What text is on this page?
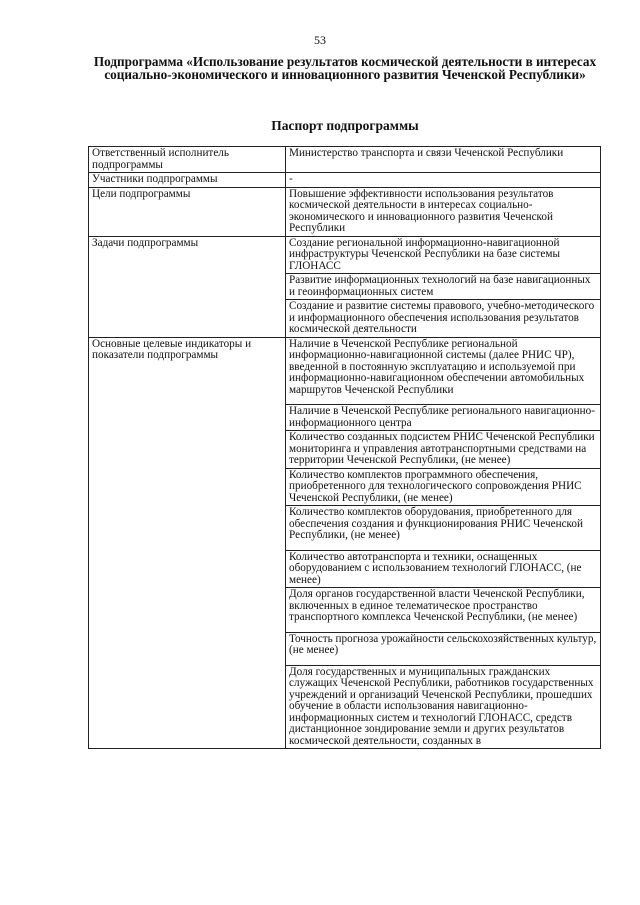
53
Подпрограмма «Использование результатов космической деятельности в интересах социально-экономического и инновационного развития Чеченской Республики»
Паспорт подпрограммы
Ответственный исполнитель подпрограммы	Министерство транспорта и связи Чеченской Республики

Участники подпрограммы	-

Цели подпрограммы	Повышение эффективности использования результатов космической деятельности в интересах социально-экономического и инновационного развития Чеченской Республики

Задачи подпрограммы	Создание региональной информационно-навигационной инфраструктуры Чеченской Республики на базе системы ГЛОНАСС

	Развитие информационных технологий на базе навигационных и геоинформационных систем

	Создание и развитие системы правового, учебно-методического и информационного обеспечения использования результатов космической деятельности

Основные целевые индикаторы и показатели подпрограммы	Наличие в Чеченской Республике региональной информационно-навигационной системы (далее РНИС ЧР), введенной в постоянную эксплуатацию и используемой при информационно-навигационном обеспечении автомобильных маршрутов Чеченской Республики

	Наличие в Чеченской Республике регионального навигационно-информационного центра

	Количество созданных подсистем РНИС Чеченской Республики мониторинга и управления автотранспортными средствами на территории Чеченской Республики, (не менее)

	Количество комплектов программного обеспечения, приобретенного для технологического сопровождения РНИС Чеченской Республики, (не менее)

	Количество комплектов оборудования, приобретенного для обеспечения создания и функционирования РНИС Чеченской Республики, (не менее)

	Количество автотранспорта и техники, оснащенных оборудованием с использованием технологий ГЛОНАСС, (не менее)

	Доля органов государственной власти Чеченской Республики, включенных в единое телематическое пространство транспортного комплекса Чеченской Республики, (не менее)

	Точность прогноза урожайности сельскохозяйственных культур, (не менее)

	Доля государственных и муниципальных гражданских служащих Чеченской Республики, работников государственных учреждений и организаций Чеченской Республики, прошедших обучение в области использования навигационно-информационных систем и технологий ГЛОНАСС, средств дистанционное зондирование земли и других результатов космической деятельности, созданных в
